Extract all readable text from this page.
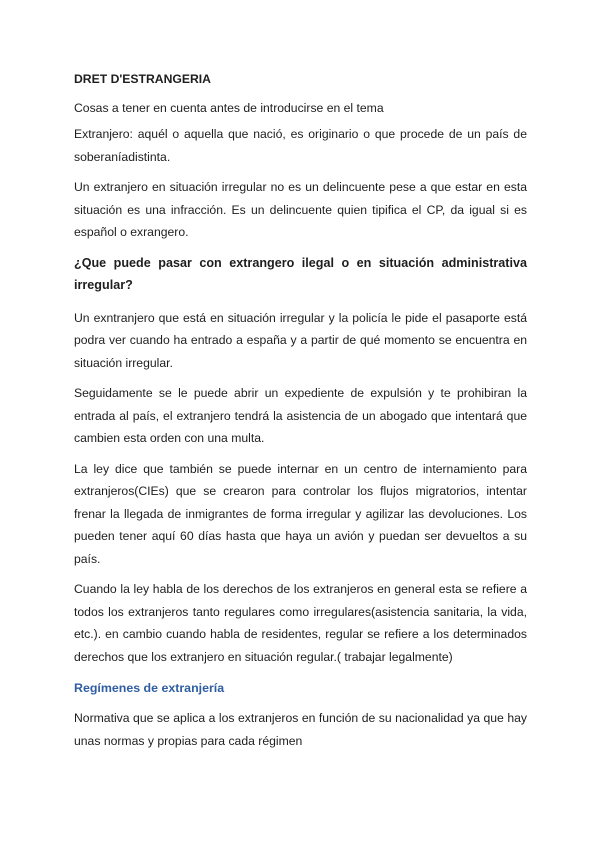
DRET D'ESTRANGERIA

Cosas a tener en cuenta antes de introducirse en el tema

Extranjero: aquél o aquella que nació, es originario o que procede de un país de soberaníadistinta.

Un extranjero en situación irregular no es un delincuente pese a que estar en esta situación es una infracción. Es un delincuente quien tipifica el CP, da igual si es español o exrangero.

¿Que puede pasar con extrangero ilegal o en situación administrativa irregular?

Un exntranjero que está en situación irregular y la policía le pide el pasaporte está podra ver cuando ha entrado a españa y a partir de qué momento se encuentra en situación irregular.

Seguidamente se le puede abrir un expediente de expulsión y te prohibiran la entrada al país, el extranjero tendrá la asistencia de un abogado que intentará que cambien esta orden con una multa.

La ley dice que también se puede internar en un centro de internamiento para extranjeros(CIEs) que se crearon para controlar los flujos migratorios, intentar frenar la llegada de inmigrantes de forma irregular y agilizar las devoluciones. Los pueden tener aquí 60 días hasta que haya un avión y puedan ser devueltos a su país.

Cuando la ley habla de los derechos de los extranjeros en general esta se refiere a todos los extranjeros tanto regulares como irregulares(asistencia sanitaria, la vida, etc.). en cambio cuando habla de residentes, regular se refiere a los determinados derechos que los extranjero en situación regular.( trabajar legalmente)

Regímenes de extranjería

Normativa que se aplica a los extranjeros en función de su nacionalidad ya que hay unas normas y propias para cada régimen
